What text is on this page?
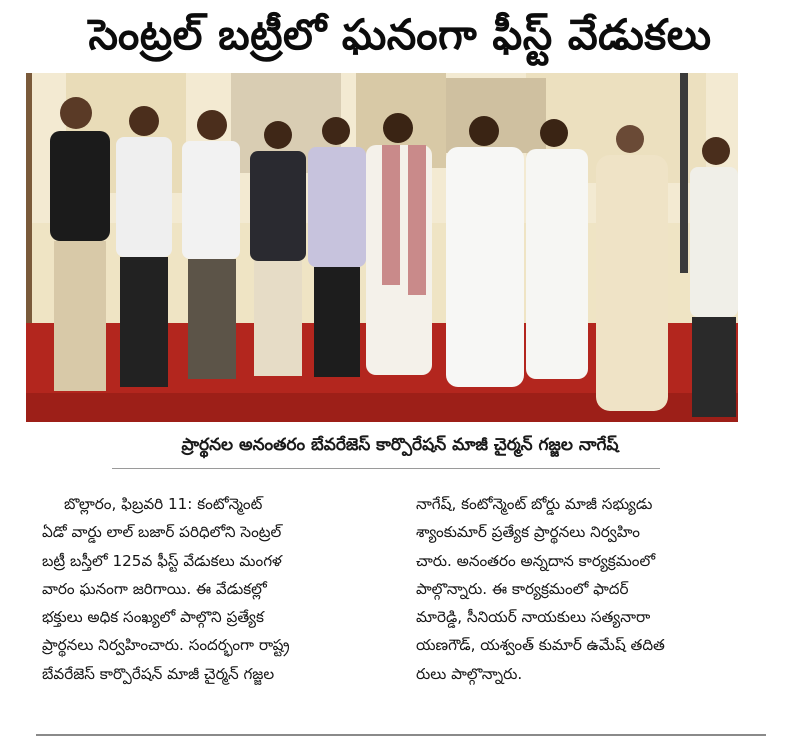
సెంట్రల్ బట్రీలో ఘనంగా ఫీస్ట్ వేడుకలు
ప్రార్థనల అనంతరం బేవరేజెస్ కార్పొరేషన్ మాజీ చైర్మన్ గజ్జల నాగేష్
బొల్లారం, ఫిబ్రవరి 11: కంటోన్మెంట్
ఏడో వార్డు లాల్ బజార్ పరిధిలోని సెంట్రల్
బట్రీ బస్తీలో 125వ ఫీస్ట్ వేడుకలు మంగళ
వారం ఘనంగా జరిగాయి. ఈ వేడుకల్లో
భక్తులు అధిక సంఖ్యలో పాల్గొని ప్రత్యేక
ప్రార్థనలు నిర్వహించారు. సందర్భంగా రాష్ట్ర
బేవరేజెస్ కార్పొరేషన్ మాజీ చైర్మన్ గజ్జల
నాగేష్, కంటోన్మెంట్ బోర్డు మాజీ సభ్యుడు
శ్యాంకుమార్ ప్రత్యేక ప్రార్థనలు నిర్వహిం
చారు. అనంతరం అన్నదాన కార్యక్రమంలో
పాల్గొన్నారు. ఈ కార్యక్రమంలో ఫాదర్
మారెడ్డి, సీనియర్ నాయకులు సత్యనారా
యణగౌడ్, యశ్వంత్ కుమార్ ఉమేష్ తదిత
రులు పాల్గొన్నారు.
